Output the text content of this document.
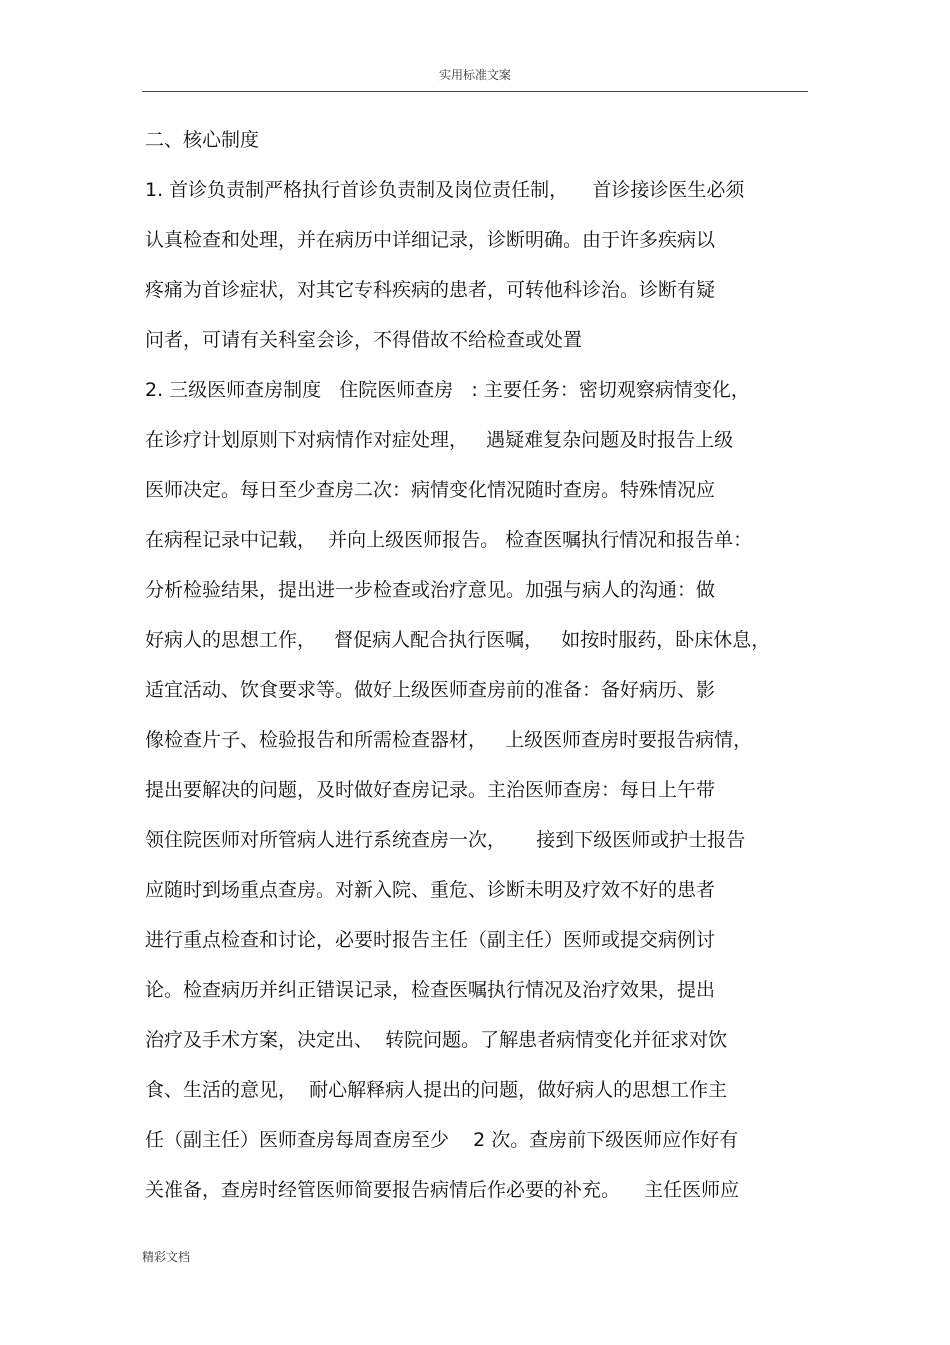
实用标准文案
二、核心制度
1. 首诊负责制严格执行首诊负责制及岗位责任制，    首诊接诊医生必须
认真检查和处理，并在病历中详细记录，诊断明确。由于许多疾病以
疼痛为首诊症状，对其它专科疾病的患者，可转他科诊治。诊断有疑
问者，可请有关科室会诊，不得借故不给检查或处置
2. 三级医师查房制度   住院医师查房   : 主要任务：密切观察病情变化，
在诊疗计划原则下对病情作对症处理，   遇疑难复杂问题及时报告上级
医师决定。每日至少查房二次：病情变化情况随时查房。特殊情况应
在病程记录中记载，  并向上级医师报告。 检查医嘱执行情况和报告单：
分析检验结果，提出进一步检查或治疗意见。加强与病人的沟通：做
好病人的思想工作，   督促病人配合执行医嘱，   如按时服药，卧床休息，
适宜活动、饮食要求等。做好上级医师查房前的准备：备好病历、影
像检查片子、检验报告和所需检查器材，   上级医师查房时要报告病情，
提出要解决的问题，及时做好查房记录。主治医师查房：每日上午带
领住院医师对所管病人进行系统查房一次，     接到下级医师或护士报告
应随时到场重点查房。对新入院、重危、诊断未明及疗效不好的患者
进行重点检查和讨论，必要时报告主任（副主任）医师或提交病例讨
论。检查病历并纠正错误记录，检查医嘱执行情况及治疗效果，提出
治疗及手术方案，决定出、  转院问题。了解患者病情变化并征求对饮
食、生活的意见，  耐心解释病人提出的问题，做好病人的思想工作主
任（副主任）医师查房每周查房至少    2 次。查房前下级医师应作好有
关准备，查房时经管医师简要报告病情后作必要的补充。    主任医师应
精彩文档
